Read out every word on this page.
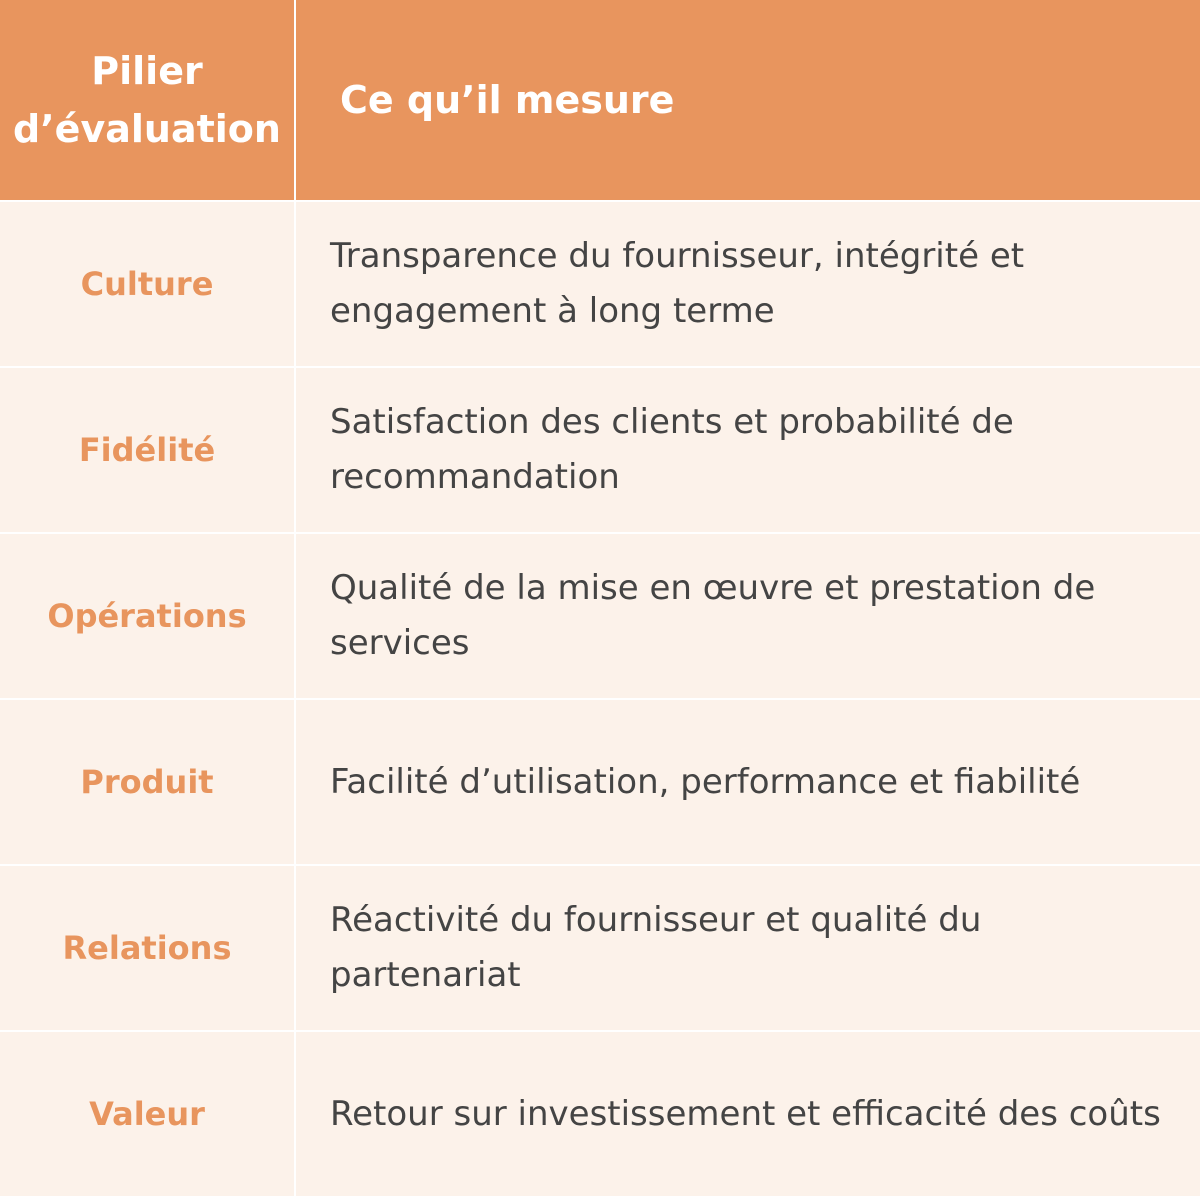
Pilier d’évaluation
Ce qu’il mesure
Culture
Transparence du fournisseur, intégrité et engagement à long terme
Fidélité
Satisfaction des clients et probabilité de recommandation
Opérations
Qualité de la mise en œuvre et prestation de services
Produit	Facilité d’utilisation, performance et fiabilité
Relations
Réactivité du fournisseur et qualité du partenariat
Valeur	Retour sur investissement et efficacité des coûts
